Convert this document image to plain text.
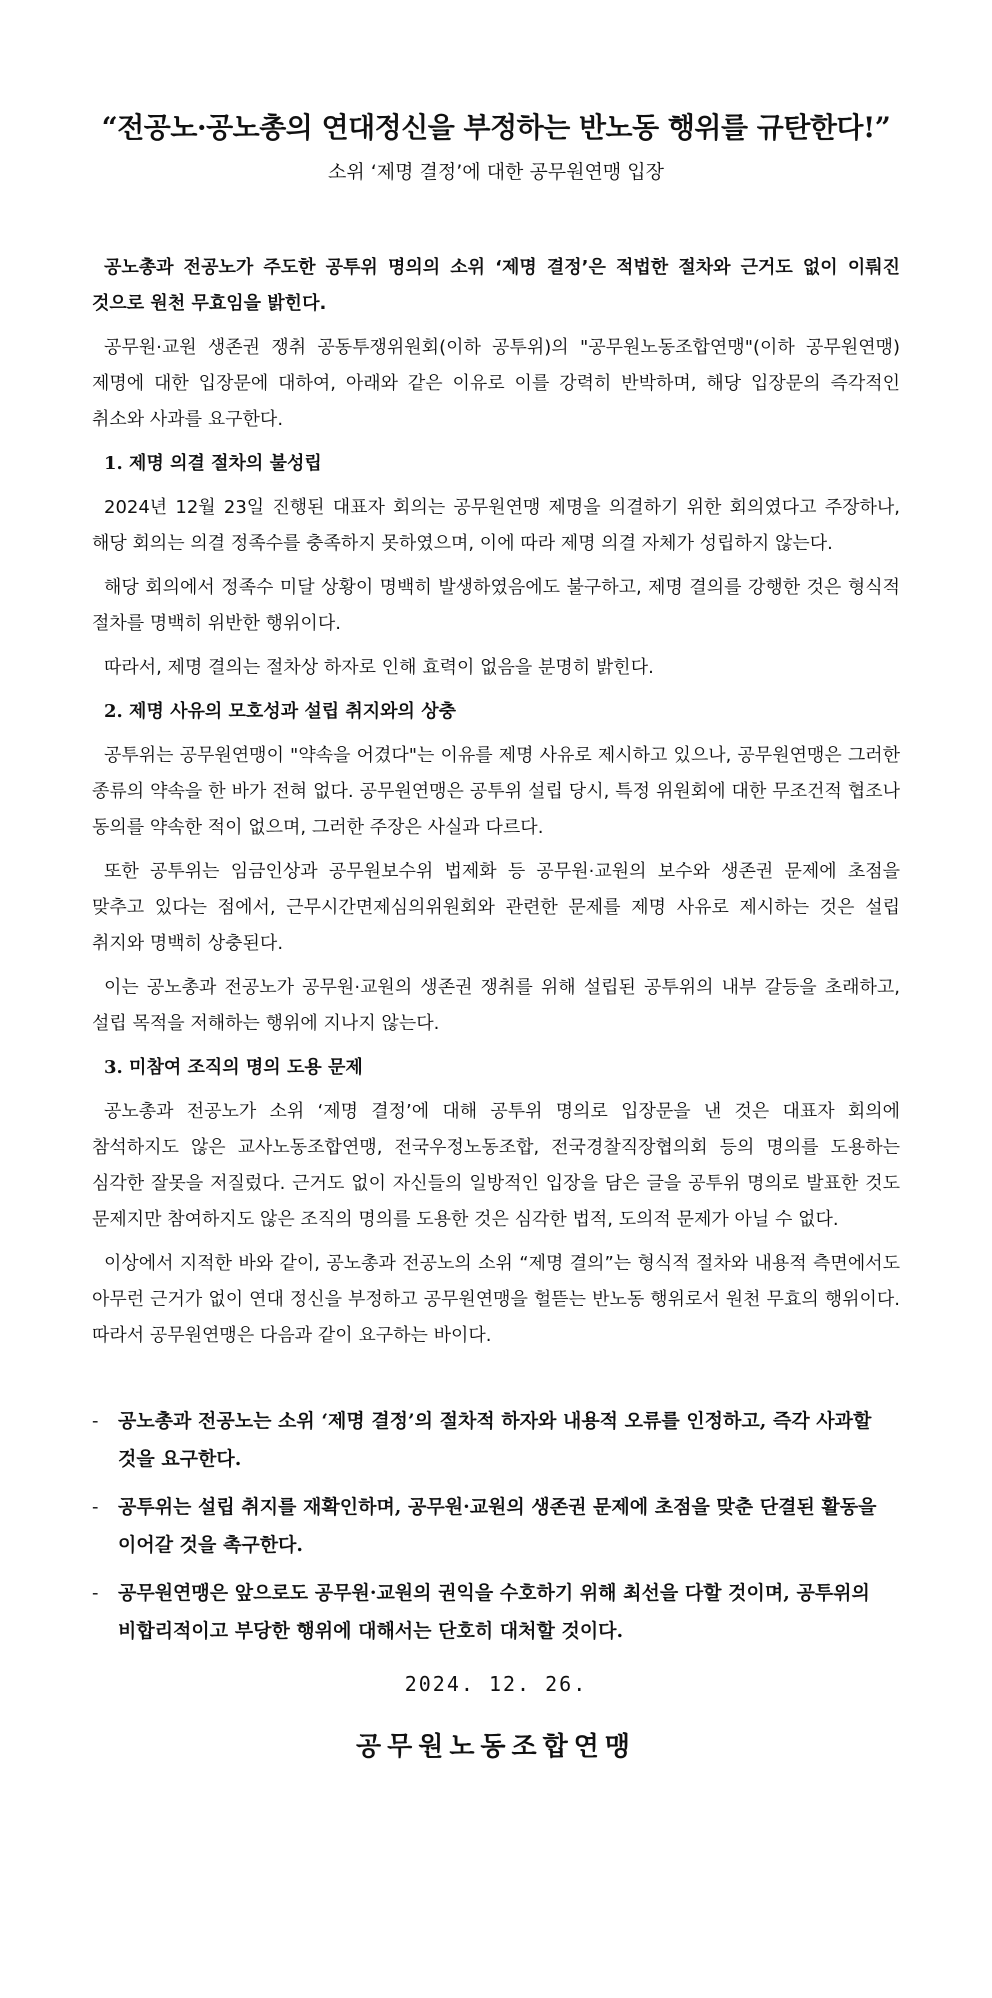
“전공노·공노총의 연대정신을 부정하는 반노동 행위를 규탄한다!”
소위 ‘제명 결정’에 대한 공무원연맹 입장

공노총과 전공노가 주도한 공투위 명의의 소위 ‘제명 결정’은 적법한 절차와 근거도 없이 이뤄진 것으로 원천 무효임을 밝힌다.

공무원·교원 생존권 쟁취 공동투쟁위원회(이하 공투위)의 "공무원노동조합연맹"(이하 공무원연맹) 제명에 대한 입장문에 대하여, 아래와 같은 이유로 이를 강력히 반박하며, 해당 입장문의 즉각적인 취소와 사과를 요구한다.

1. 제명 의결 절차의 불성립

2024년 12월 23일 진행된 대표자 회의는 공무원연맹 제명을 의결하기 위한 회의였다고 주장하나, 해당 회의는 의결 정족수를 충족하지 못하였으며, 이에 따라 제명 의결 자체가 성립하지 않는다.

해당 회의에서 정족수 미달 상황이 명백히 발생하였음에도 불구하고, 제명 결의를 강행한 것은 형식적 절차를 명백히 위반한 행위이다.

따라서, 제명 결의는 절차상 하자로 인해 효력이 없음을 분명히 밝힌다.

2. 제명 사유의 모호성과 설립 취지와의 상충

공투위는 공무원연맹이 "약속을 어겼다"는 이유를 제명 사유로 제시하고 있으나, 공무원연맹은 그러한 종류의 약속을 한 바가 전혀 없다. 공무원연맹은 공투위 설립 당시, 특정 위원회에 대한 무조건적 협조나 동의를 약속한 적이 없으며, 그러한 주장은 사실과 다르다.

또한 공투위는 임금인상과 공무원보수위 법제화 등 공무원·교원의 보수와 생존권 문제에 초점을 맞추고 있다는 점에서, 근무시간면제심의위원회와 관련한 문제를 제명 사유로 제시하는 것은 설립 취지와 명백히 상충된다.

이는 공노총과 전공노가 공무원·교원의 생존권 쟁취를 위해 설립된 공투위의 내부 갈등을 초래하고, 설립 목적을 저해하는 행위에 지나지 않는다.

3. 미참여 조직의 명의 도용 문제

공노총과 전공노가 소위 ‘제명 결정’에 대해 공투위 명의로 입장문을 낸 것은 대표자 회의에 참석하지도 않은 교사노동조합연맹, 전국우정노동조합, 전국경찰직장협의회 등의 명의를 도용하는 심각한 잘못을 저질렀다. 근거도 없이 자신들의 일방적인 입장을 담은 글을 공투위 명의로 발표한 것도 문제지만 참여하지도 않은 조직의 명의를 도용한 것은 심각한 법적, 도의적 문제가 아닐 수 없다.

이상에서 지적한 바와 같이, 공노총과 전공노의 소위 “제명 결의”는 형식적 절차와 내용적 측면에서도 아무런 근거가 없이 연대 정신을 부정하고 공무원연맹을 헐뜯는 반노동 행위로서 원천 무효의 행위이다. 따라서 공무원연맹은 다음과 같이 요구하는 바이다.

- 공노총과 전공노는 소위 ‘제명 결정’의 절차적 하자와 내용적 오류를 인정하고, 즉각 사과할 것을 요구한다.
- 공투위는 설립 취지를 재확인하며, 공무원·교원의 생존권 문제에 초점을 맞춘 단결된 활동을 이어갈 것을 촉구한다.
- 공무원연맹은 앞으로도 공무원·교원의 권익을 수호하기 위해 최선을 다할 것이며, 공투위의 비합리적이고 부당한 행위에 대해서는 단호히 대처할 것이다.
2024. 12. 26.
공무원노동조합연맹
